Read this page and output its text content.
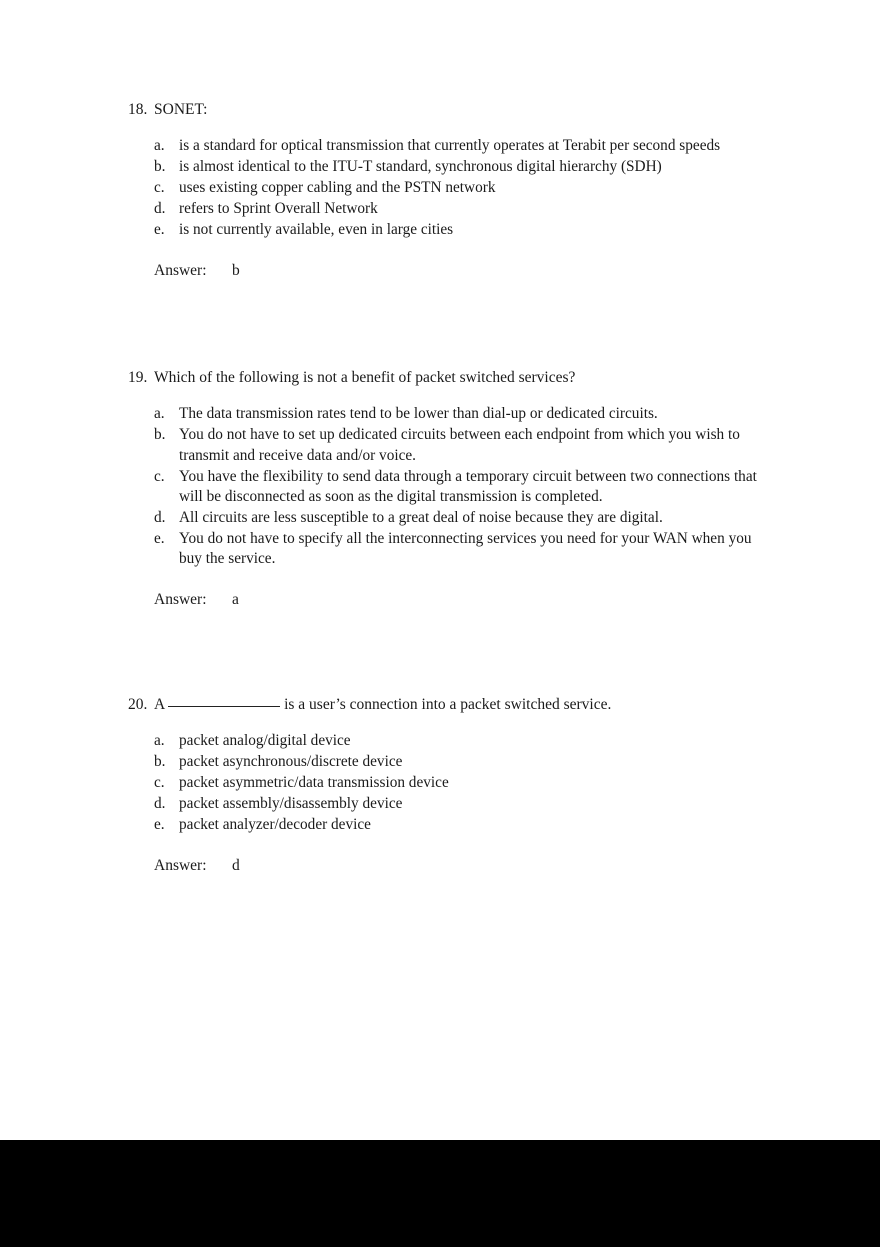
18. SONET:
a. is a standard for optical transmission that currently operates at Terabit per second speeds
b. is almost identical to the ITU-T standard, synchronous digital hierarchy (SDH)
c. uses existing copper cabling and the PSTN network
d. refers to Sprint Overall Network
e. is not currently available, even in large cities
Answer:	b
19. Which of the following is not a benefit of packet switched services?
a. The data transmission rates tend to be lower than dial-up or dedicated circuits.
b. You do not have to set up dedicated circuits between each endpoint from which you wish to transmit and receive data and/or voice.
c. You have the flexibility to send data through a temporary circuit between two connections that will be disconnected as soon as the digital transmission is completed.
d. All circuits are less susceptible to a great deal of noise because they are digital.
e. You do not have to specify all the interconnecting services you need for your WAN when you buy the service.
Answer:	a
20. A	is a user’s connection into a packet switched service.
a. packet analog/digital device
b. packet asynchronous/discrete device
c. packet asymmetric/data transmission device
d. packet assembly/disassembly device
e. packet analyzer/decoder device
Answer:	d
